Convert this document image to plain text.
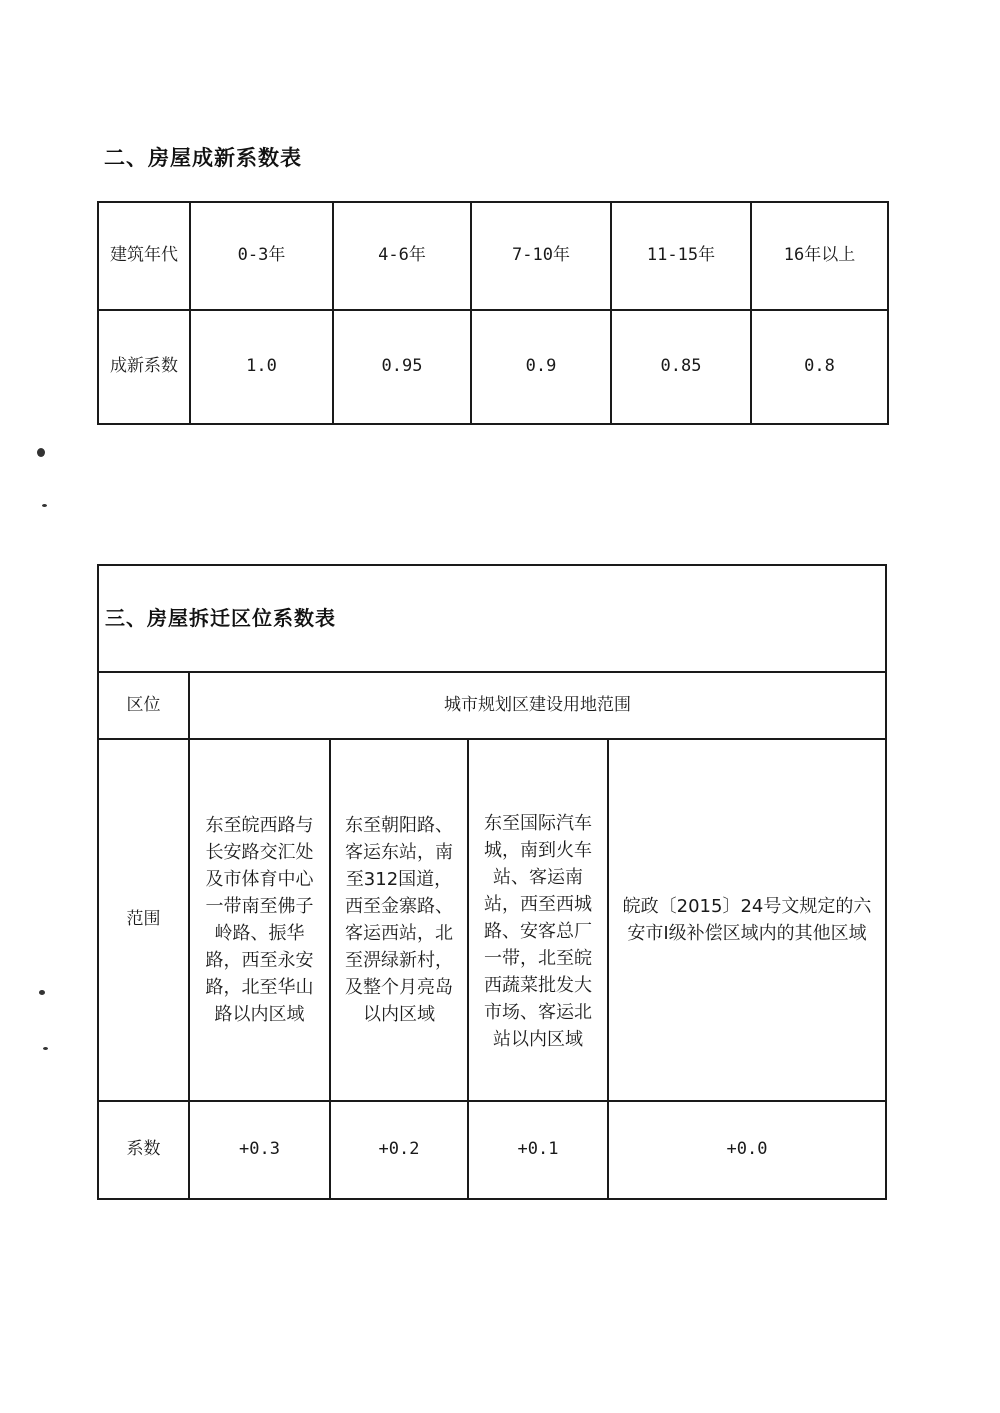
二、房屋成新系数表
建筑年代	0-3年	4-6年	7-10年	11-15年	16年以上
成新系数	1.0	0.95	0.9	0.85	0.8
三、房屋拆迁区位系数表				
区位	城市规划区建设用地范围			
范围	东至皖西路与长安路交汇处及市体育中心一带南至佛子岭路、振华路，西至永安路，北至华山路以内区域	东至朝阳路、客运东站，南至312国道，西至金寨路、客运西站，北至淠绿新村，及整个月亮岛以内区域	东至国际汽车城，南到火车站、客运南站，西至西城路、安客总厂一带，北至皖西蔬菜批发大市场、客运北站以内区域	皖政〔2015〕24号文规定的六安市Ⅰ级补偿区域内的其他区域
系数	+0.3	+0.2	+0.1	+0.0
